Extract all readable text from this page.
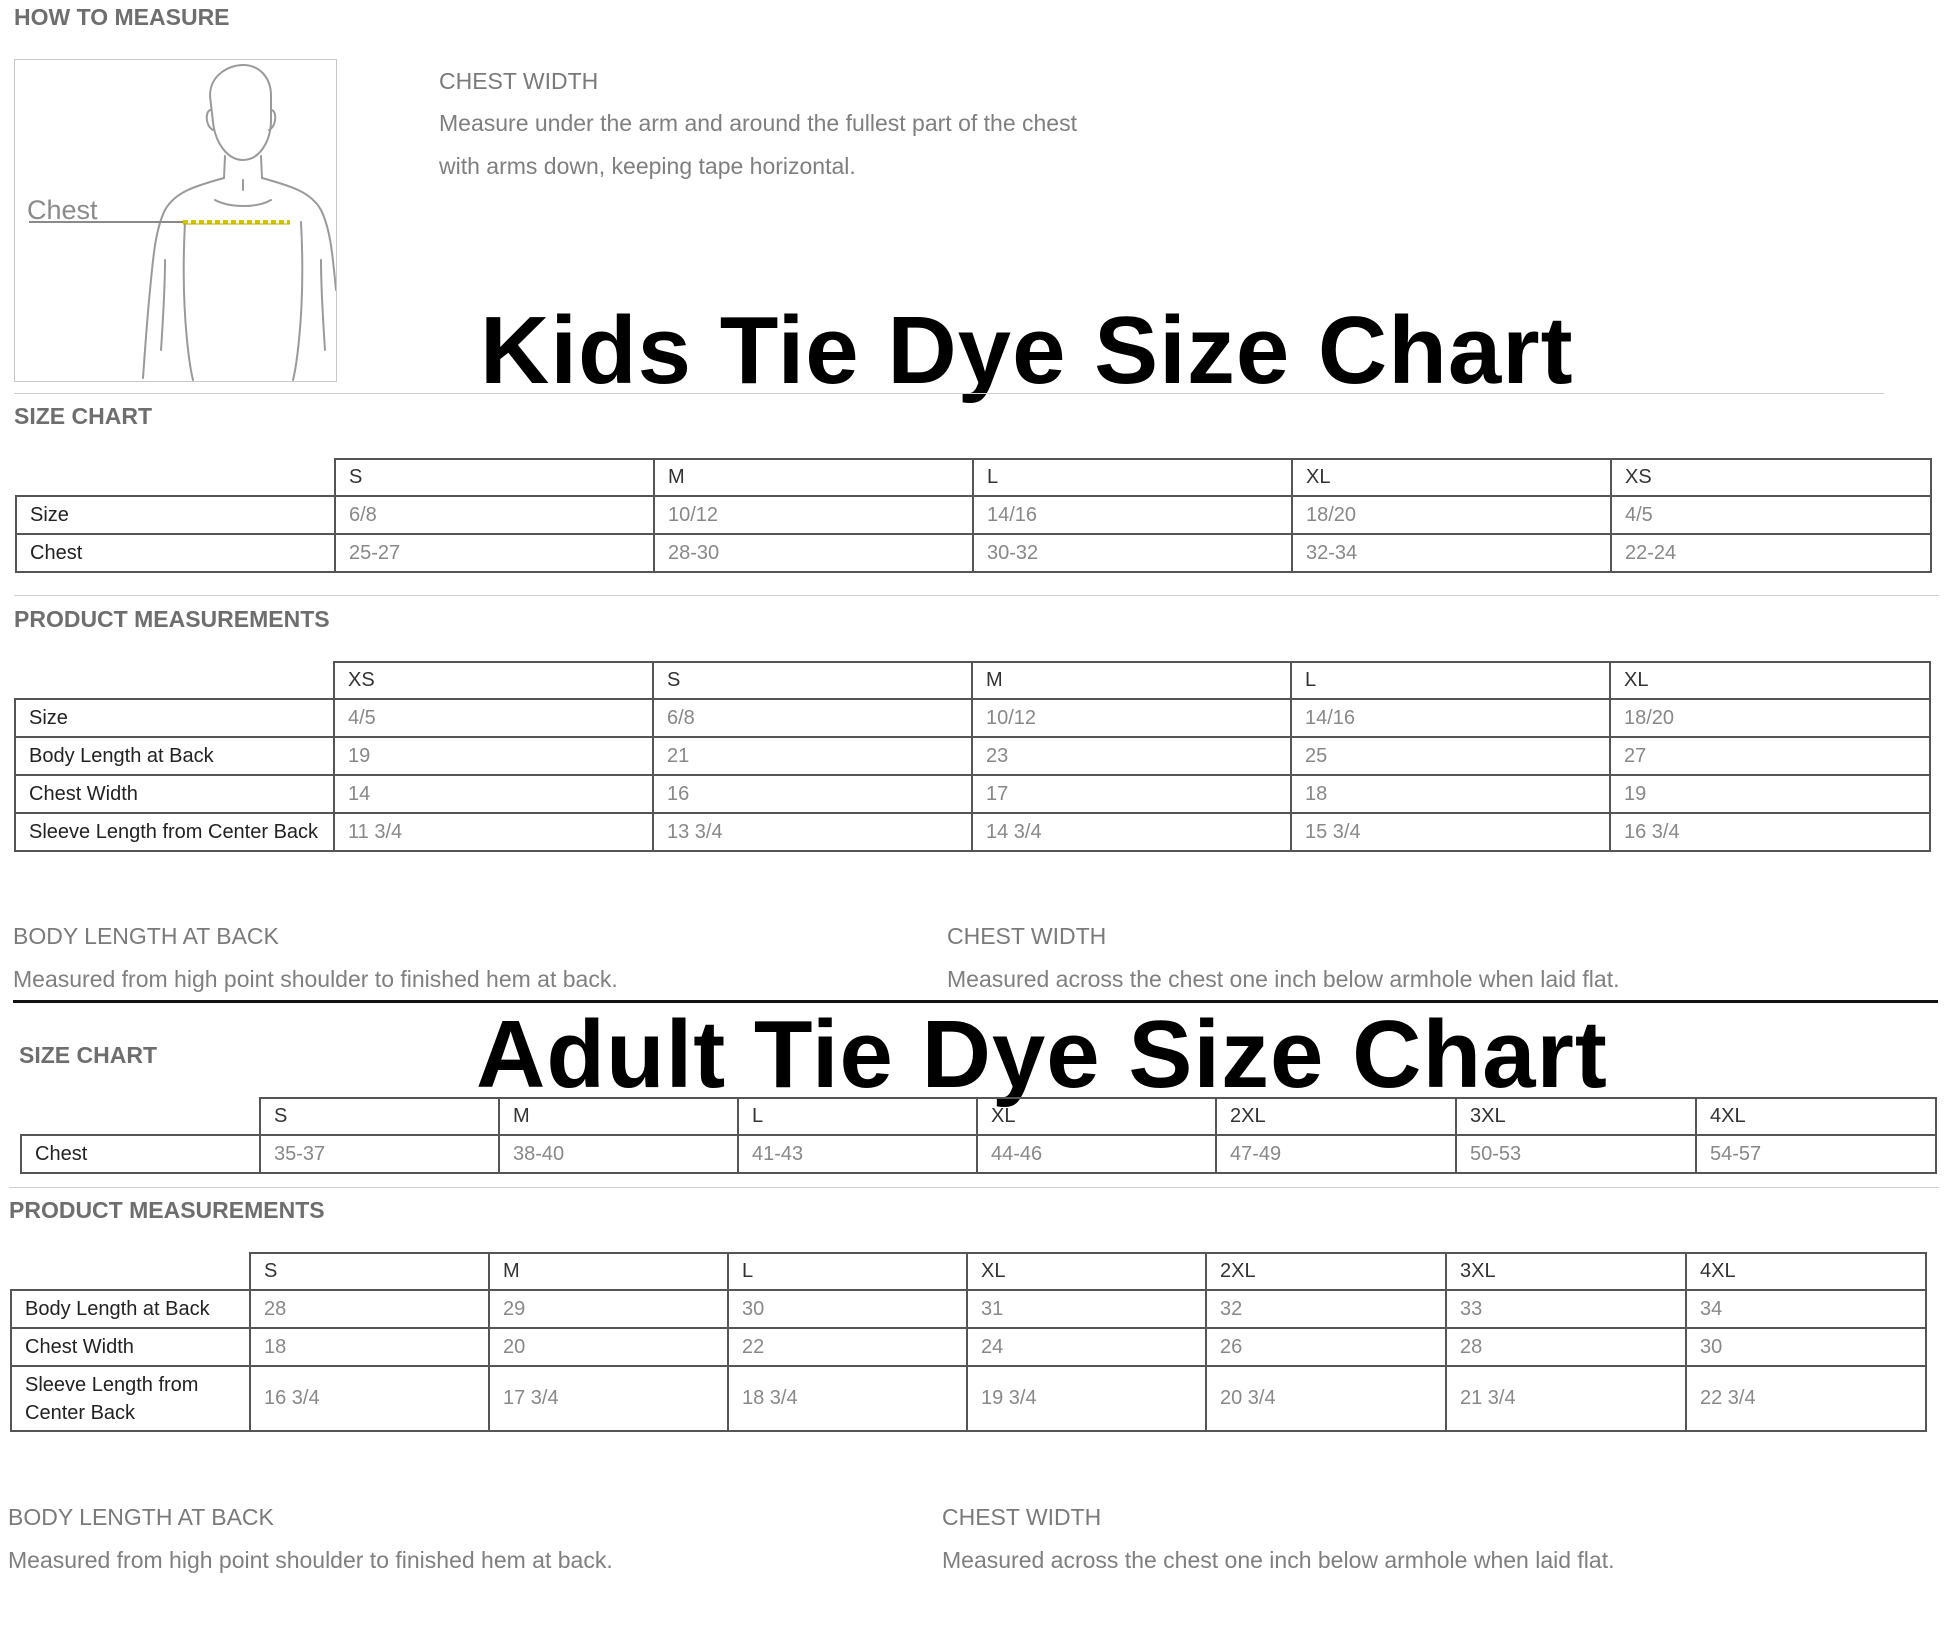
HOW TO MEASURE
Chest
CHEST WIDTH
Measure under the arm and around the fullest part of the chest
with arms down, keeping tape horizontal.
Kids Tie Dye Size Chart
SIZE CHART
	S	M	L	XL	XS
Size	6/8	10/12	14/16	18/20	4/5
Chest	25-27	28-30	30-32	32-34	22-24
PRODUCT MEASUREMENTS
	XS	S	M	L	XL
Size	4/5	6/8	10/12	14/16	18/20
Body Length at Back	19	21	23	25	27
Chest Width	14	16	17	18	19
Sleeve Length from Center Back	11 3/4	13 3/4	14 3/4	15 3/4	16 3/4
BODY LENGTH AT BACK
Measured from high point shoulder to finished hem at back.
CHEST WIDTH
Measured across the chest one inch below armhole when laid flat.
SIZE CHART	Adult Tie Dye Size Chart
	S	M	L	XL	2XL	3XL	4XL
Chest	35-37	38-40	41-43	44-46	47-49	50-53	54-57
PRODUCT MEASUREMENTS
	S	M	L	XL	2XL	3XL	4XL
Body Length at Back	28	29	30	31	32	33	34
Chest Width	18	20	22	24	26	28	30

Sleeve Length from Center Back	16 3/4	17 3/4	18 3/4	19 3/4	20 3/4	21 3/4	22 3/4
BODY LENGTH AT BACK
Measured from high point shoulder to finished hem at back.
CHEST WIDTH
Measured across the chest one inch below armhole when laid flat.
